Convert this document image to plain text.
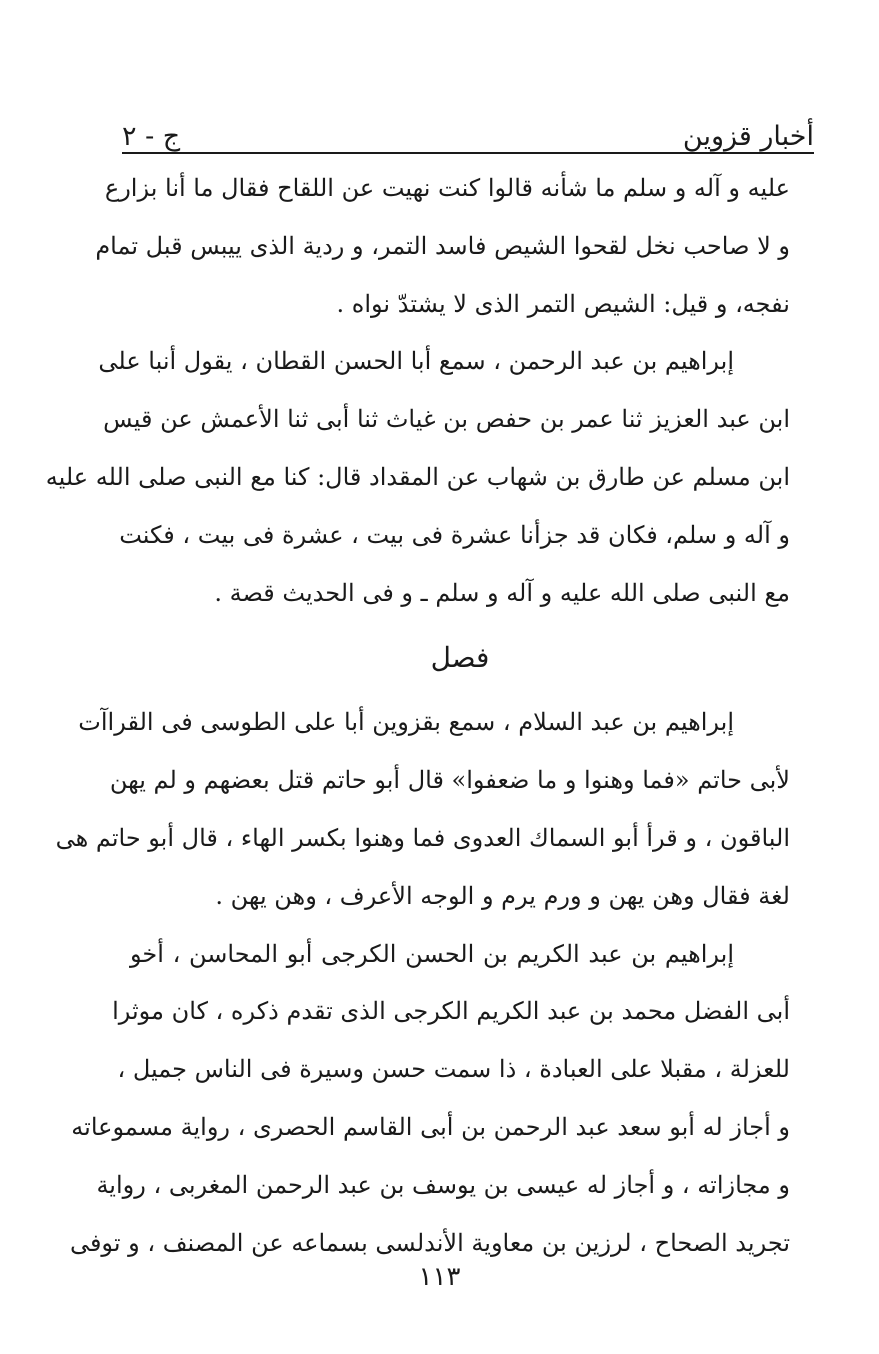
أخبار قزوين
ج - ٢
عليه و آله و سلم ما شأنه قالوا كنت نهيت عن اللقاح فقال ما أنا بزارع
و لا صاحب نخل لقحوا الشيص فاسد التمر، و ردية الذى ييبس قبل تمام
نفجه، و قيل: الشيص التمر الذى لا يشتدّ نواه .
إبراهيم بن عبد الرحمن ، سمع أبا الحسن القطان ، يقول أنبا على
ابن عبد العزيز ثنا عمر بن حفص بن غياث ثنا أبى ثنا الأعمش عن قيس
ابن مسلم عن طارق بن شهاب عن المقداد قال: كنا مع النبى صلى الله عليه
و آله و سلم، فكان قد جزأنا عشرة فى بيت ، عشرة فى بيت ، فكنت
مع النبى صلى الله عليه و آله و سلم ـ و فى الحديث قصة .
فصل
إبراهيم بن عبد السلام ، سمع بقزوين أبا على الطوسى فى القراآت
لأبى حاتم «فما وهنوا و ما ضعفوا» قال أبو حاتم قتل بعضهم و لم يهن
الباقون ، و قرأ أبو السماك العدوى فما وهنوا بكسر الهاء ، قال أبو حاتم هى
لغة فقال وهن يهن و ورم يرم و الوجه الأعرف ، وهن يهن .
إبراهيم بن عبد الكريم بن الحسن الكرجى أبو المحاسن ، أخو
أبى الفضل محمد بن عبد الكريم الكرجى الذى تقدم ذكره ، كان موثرا
للعزلة ، مقبلا على العبادة ، ذا سمت حسن وسيرة فى الناس جميل ،
و أجاز له أبو سعد عبد الرحمن بن أبى القاسم الحصرى ، رواية مسموعاته
و مجازاته ، و أجاز له عيسى بن يوسف بن عبد الرحمن المغربى ، رواية
تجريد الصحاح ، لرزين بن معاوية الأندلسى بسماعه عن المصنف ، و توفى
١١٣
